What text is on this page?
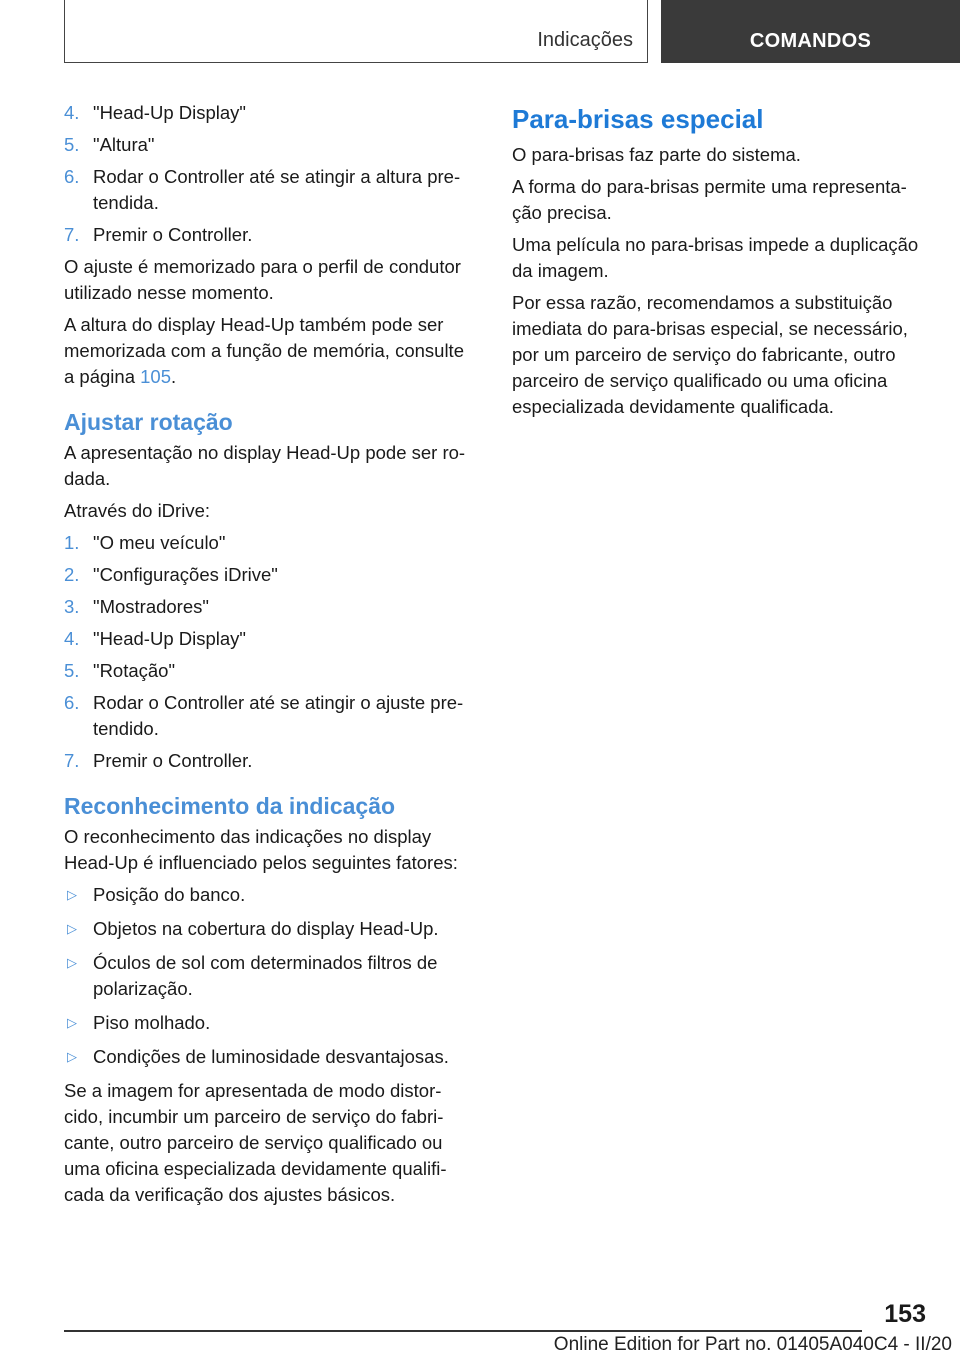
Indicações	COMANDOS
4. "Head-Up Display"
5. "Altura"
6. Rodar o Controller até se atingir a altura pre-tendida.
7. Premir o Controller.

O ajuste é memorizado para o perfil de condutor utilizado nesse momento.

A altura do display Head-Up também pode ser memorizada com a função de memória, consulte a página 105.

Ajustar rotação

A apresentação no display Head-Up pode ser ro-dada.

Através do iDrive:

1. "O meu veículo"
2. "Configurações iDrive"
3. "Mostradores"
4. "Head-Up Display"
5. "Rotação"
6. Rodar o Controller até se atingir o ajuste pre-tendido.
7. Premir o Controller.
Reconhecimento da indicação

O reconhecimento das indicações no display Head-Up é influenciado pelos seguintes fatores:

▷ Posição do banco.
▷ Objetos na cobertura do display Head-Up.
▷ Óculos de sol com determinados filtros de polarização.
▷ Piso molhado.
▷ Condições de luminosidade desvantajosas.

Se a imagem for apresentada de modo distor-cido, incumbir um parceiro de serviço do fabri-cante, outro parceiro de serviço qualificado ou uma oficina especializada devidamente qualifi-cada da verificação dos ajustes básicos.

Para-brisas especial

O para-brisas faz parte do sistema.

A forma do para-brisas permite uma representa-ção precisa.

Uma película no para-brisas impede a duplicação da imagem.

Por essa razão, recomendamos a substituição imediata do para-brisas especial, se necessário, por um parceiro de serviço do fabricante, outro parceiro de serviço qualificado ou uma oficina especializada devidamente qualificada.

153
Online Edition for Part no. 01405A040C4 - II/20
